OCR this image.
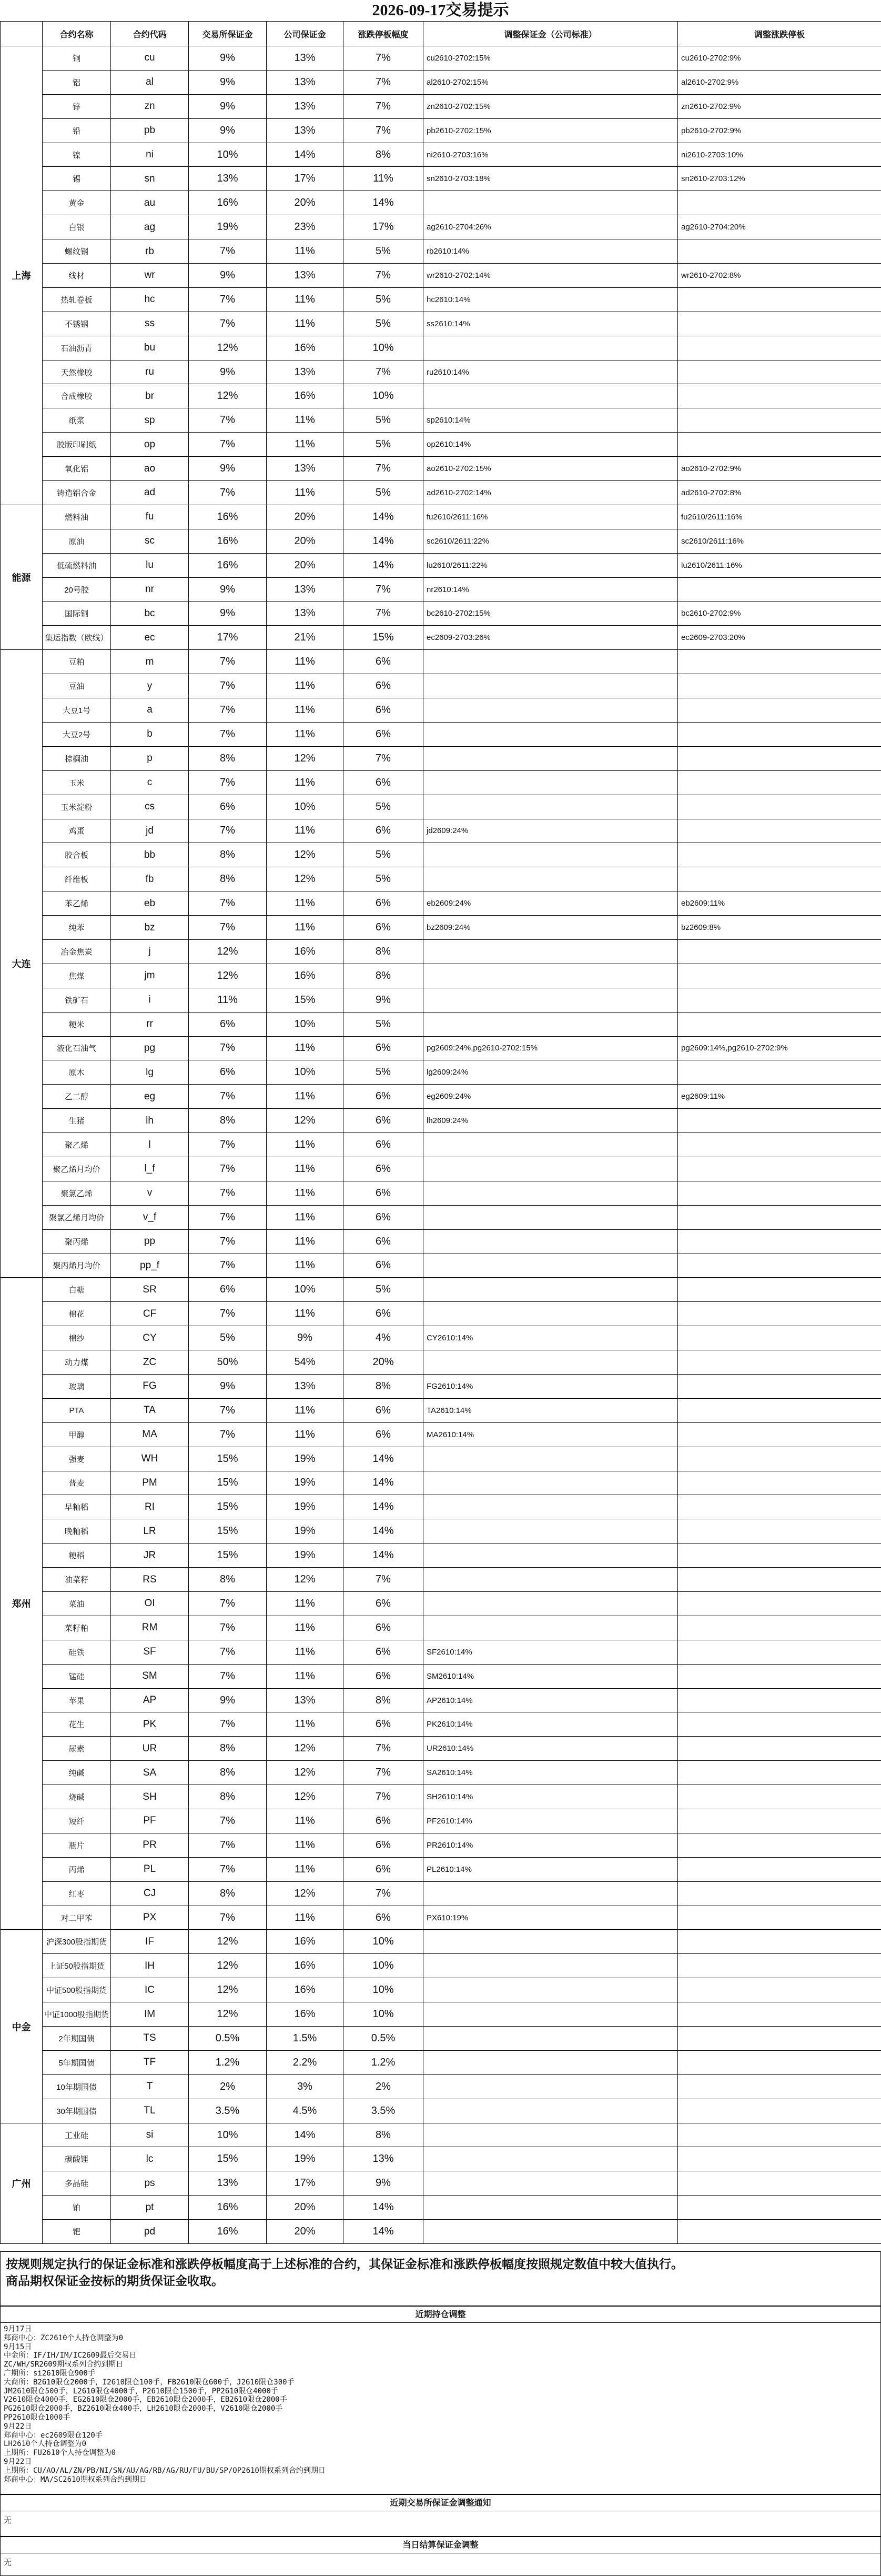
2026-09-17交易提示
	合约名称	合约代码	交易所保证金	公司保证金	涨跌停板幅度	调整保证金（公司标准）	调整涨跌停板
上海	铜	cu	9%	13%	7%	cu2610-2702:15%	cu2610-2702:9%
	铝	al	9%	13%	7%	al2610-2702:15%	al2610-2702:9%
	锌	zn	9%	13%	7%	zn2610-2702:15%	zn2610-2702:9%
	铅	pb	9%	13%	7%	pb2610-2702:15%	pb2610-2702:9%
	镍	ni	10%	14%	8%	ni2610-2703:16%	ni2610-2703:10%
	锡	sn	13%	17%	11%	sn2610-2703:18%	sn2610-2703:12%
	黄金	au	16%	20%	14%		
	白银	ag	19%	23%	17%	ag2610-2704:26%	ag2610-2704:20%
	螺纹钢	rb	7%	11%	5%	rb2610:14%	
	线材	wr	9%	13%	7%	wr2610-2702:14%	wr2610-2702:8%
	热轧卷板	hc	7%	11%	5%	hc2610:14%	
	不锈钢	ss	7%	11%	5%	ss2610:14%	
	石油沥青	bu	12%	16%	10%		
	天然橡胶	ru	9%	13%	7%	ru2610:14%	
	合成橡胶	br	12%	16%	10%		
	纸浆	sp	7%	11%	5%	sp2610:14%	
	胶版印刷纸	op	7%	11%	5%	op2610:14%	
	氧化铝	ao	9%	13%	7%	ao2610-2702:15%	ao2610-2702:9%
	铸造铝合金	ad	7%	11%	5%	ad2610-2702:14%	ad2610-2702:8%
能源	燃料油	fu	16%	20%	14%	fu2610/2611:16%	fu2610/2611:16%
	原油	sc	16%	20%	14%	sc2610/2611:22%	sc2610/2611:16%
	低硫燃料油	lu	16%	20%	14%	lu2610/2611:22%	lu2610/2611:16%
	20号胶	nr	9%	13%	7%	nr2610:14%	
	国际铜	bc	9%	13%	7%	bc2610-2702:15%	bc2610-2702:9%
	集运指数（欧线）	ec	17%	21%	15%	ec2609-2703:26%	ec2609-2703:20%
大连	豆粕	m	7%	11%	6%		
	豆油	y	7%	11%	6%		
	大豆1号	a	7%	11%	6%		
	大豆2号	b	7%	11%	6%		
	棕榈油	p	8%	12%	7%		
	玉米	c	7%	11%	6%		
	玉米淀粉	cs	6%	10%	5%		
	鸡蛋	jd	7%	11%	6%	jd2609:24%	
	胶合板	bb	8%	12%	5%		
	纤维板	fb	8%	12%	5%		
	苯乙烯	eb	7%	11%	6%	eb2609:24%	eb2609:11%
	纯苯	bz	7%	11%	6%	bz2609:24%	bz2609:8%
	冶金焦炭	j	12%	16%	8%		
	焦煤	jm	12%	16%	8%		
	铁矿石	i	11%	15%	9%		
	粳米	rr	6%	10%	5%		
	液化石油气	pg	7%	11%	6%	pg2609:24%,pg2610-2702:15%	pg2609:14%,pg2610-2702:9%
	原木	lg	6%	10%	5%	lg2609:24%	
	乙二醇	eg	7%	11%	6%	eg2609:24%	eg2609:11%
	生猪	lh	8%	12%	6%	lh2609:24%	
	聚乙烯	l	7%	11%	6%		
	聚乙烯月均价	l_f	7%	11%	6%		
	聚氯乙烯	v	7%	11%	6%		
	聚氯乙烯月均价	v_f	7%	11%	6%		
	聚丙烯	pp	7%	11%	6%		
	聚丙烯月均价	pp_f	7%	11%	6%		
郑州	白糖	SR	6%	10%	5%		
	棉花	CF	7%	11%	6%		
	棉纱	CY	5%	9%	4%	CY2610:14%	
	动力煤	ZC	50%	54%	20%		
	玻璃	FG	9%	13%	8%	FG2610:14%	
	PTA	TA	7%	11%	6%	TA2610:14%	
	甲醇	MA	7%	11%	6%	MA2610:14%	
	强麦	WH	15%	19%	14%		
	普麦	PM	15%	19%	14%		
	早籼稻	RI	15%	19%	14%		
	晚籼稻	LR	15%	19%	14%		
	粳稻	JR	15%	19%	14%		
	油菜籽	RS	8%	12%	7%		
	菜油	OI	7%	11%	6%		
	菜籽粕	RM	7%	11%	6%		
	硅铁	SF	7%	11%	6%	SF2610:14%	
	锰硅	SM	7%	11%	6%	SM2610:14%	
	苹果	AP	9%	13%	8%	AP2610:14%	
	花生	PK	7%	11%	6%	PK2610:14%	
	尿素	UR	8%	12%	7%	UR2610:14%	
	纯碱	SA	8%	12%	7%	SA2610:14%	
	烧碱	SH	8%	12%	7%	SH2610:14%	
	短纤	PF	7%	11%	6%	PF2610:14%	
	瓶片	PR	7%	11%	6%	PR2610:14%	
	丙烯	PL	7%	11%	6%	PL2610:14%	
	红枣	CJ	8%	12%	7%		
	对二甲苯	PX	7%	11%	6%	PX610:19%	
中金	沪深300股指期货	IF	12%	16%	10%		
	上证50股指期货	IH	12%	16%	10%		
	中证500股指期货	IC	12%	16%	10%		
	中证1000股指期货	IM	12%	16%	10%		
	2年期国债	TS	0.5%	1.5%	0.5%		
	5年期国债	TF	1.2%	2.2%	1.2%		
	10年期国债	T	2%	3%	2%		
	30年期国债	TL	3.5%	4.5%	3.5%		
广州	工业硅	si	10%	14%	8%		
	碳酸锂	lc	15%	19%	13%		
	多晶硅	ps	13%	17%	9%		
	铂	pt	16%	20%	14%		
	钯	pd	16%	20%	14%		
按规则规定执行的保证金标准和涨跌停板幅度高于上述标准的合约，其保证金标准和涨跌停板幅度按照规定数值中较大值执行。
商品期权保证金按标的期货保证金收取。
近期持仓调整
9月17日
郑商中心：ZC2610个人持仓调整为0
9月15日
中金所：IF/IH/IM/IC2609最后交易日
ZC/WH/SR2609期权系列合约到期日
广期所：si2610限仓900手
大商所：B2610限仓2000手，I2610限仓100手，FB2610限仓600手，J2610限仓300手
JM2610限仓500手，L2610限仓4000手，P2610限仓1500手，PP2610限仓4000手
V2610限仓4000手，EG2610限仓2000手，EB2610限仓2000手，EB2610限仓2000手
PG2610限仓2000手，BZ2610限仓400手，LH2610限仓2000手，V2610限仓2000手
PP2610限仓1000手
9月22日
郑商中心：ec2609限仓120手
LH2610个人持仓调整为0
上期所：FU2610个人持仓调整为0
9月22日
上期所：CU/AO/AL/ZN/PB/NI/SN/AU/AG/RB/AG/RU/FU/BU/SP/OP2610期权系列合约到期日
郑商中心：MA/SC2610期权系列合约到期日
近期交易所保证金调整通知
无
当日结算保证金调整
无
